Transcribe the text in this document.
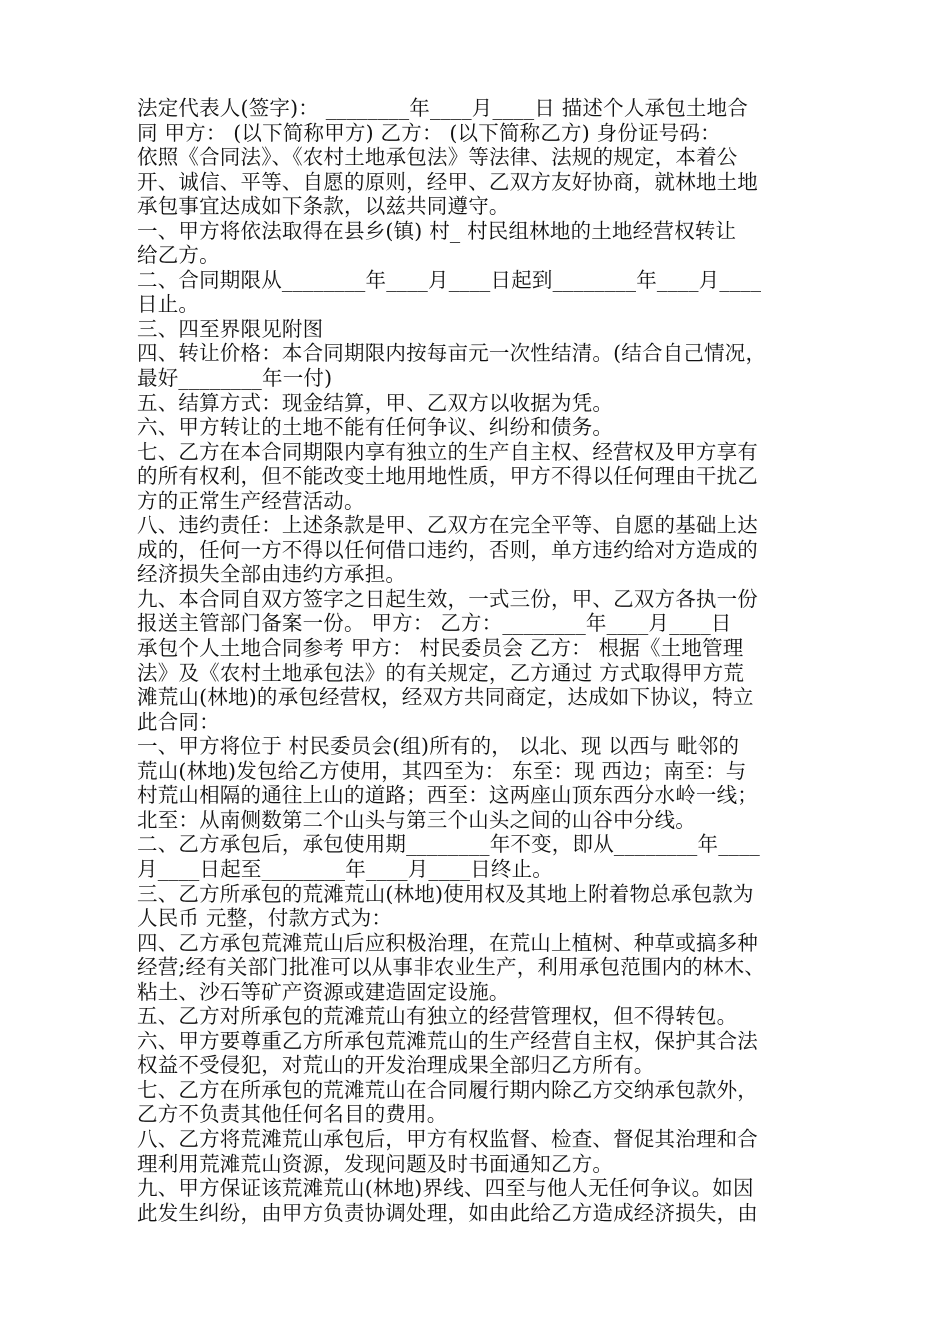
法定代表人(签字)： ________年____月____日 描述个人承包土地合
同 甲方： (以下简称甲方) 乙方： (以下简称乙方) 身份证号码：
依照《合同法》、《农村土地承包法》等法律、法规的规定，本着公
开、诚信、平等、自愿的原则，经甲、乙双方友好协商，就林地土地
承包事宜达成如下条款，以兹共同遵守。
一、甲方将依法取得在县乡(镇) 村_ 村民组林地的土地经营权转让
给乙方。
二、合同期限从________年____月____日起到________年____月____
日止。
三、四至界限见附图
四、转让价格：本合同期限内按每亩元一次性结清。(结合自己情况，
最好________年一付)
五、结算方式：现金结算，甲、乙双方以收据为凭。
六、甲方转让的土地不能有任何争议、纠纷和债务。
七、乙方在本合同期限内享有独立的生产自主权、经营权及甲方享有
的所有权利，但不能改变土地用地性质，甲方不得以任何理由干扰乙
方的正常生产经营活动。
八、违约责任：上述条款是甲、乙双方在完全平等、自愿的基础上达
成的，任何一方不得以任何借口违约，否则，单方违约给对方造成的
经济损失全部由违约方承担。
九、本合同自双方签字之日起生效，一式三份，甲、乙双方各执一份
报送主管部门备案一份。 甲方： 乙方：________年____月____日
承包个人土地合同参考 甲方： 村民委员会 乙方： 根据《土地管理
法》及《农村土地承包法》的有关规定，乙方通过 方式取得甲方荒
滩荒山(林地)的承包经营权，经双方共同商定，达成如下协议，特立
此合同：
一、甲方将位于 村民委员会(组)所有的， 以北、现 以西与 毗邻的
荒山(林地)发包给乙方使用，其四至为： 东至：现 西边；南至：与
村荒山相隔的通往上山的道路；西至：这两座山顶东西分水岭一线；
北至：从南侧数第二个山头与第三个山头之间的山谷中分线。
二、乙方承包后，承包使用期________年不变，即从________年____
月____日起至________年____月____日终止。
三、乙方所承包的荒滩荒山(林地)使用权及其地上附着物总承包款为
人民币 元整，付款方式为：
四、乙方承包荒滩荒山后应积极治理，在荒山上植树、种草或搞多种
经营;经有关部门批准可以从事非农业生产，利用承包范围内的林木、
粘土、沙石等矿产资源或建造固定设施。
五、乙方对所承包的荒滩荒山有独立的经营管理权，但不得转包。
六、甲方要尊重乙方所承包荒滩荒山的生产经营自主权，保护其合法
权益不受侵犯，对荒山的开发治理成果全部归乙方所有。
七、乙方在所承包的荒滩荒山在合同履行期内除乙方交纳承包款外，
乙方不负责其他任何名目的费用。
八、乙方将荒滩荒山承包后，甲方有权监督、检查、督促其治理和合
理利用荒滩荒山资源，发现问题及时书面通知乙方。
九、甲方保证该荒滩荒山(林地)界线、四至与他人无任何争议。如因
此发生纠纷，由甲方负责协调处理，如由此给乙方造成经济损失，由
